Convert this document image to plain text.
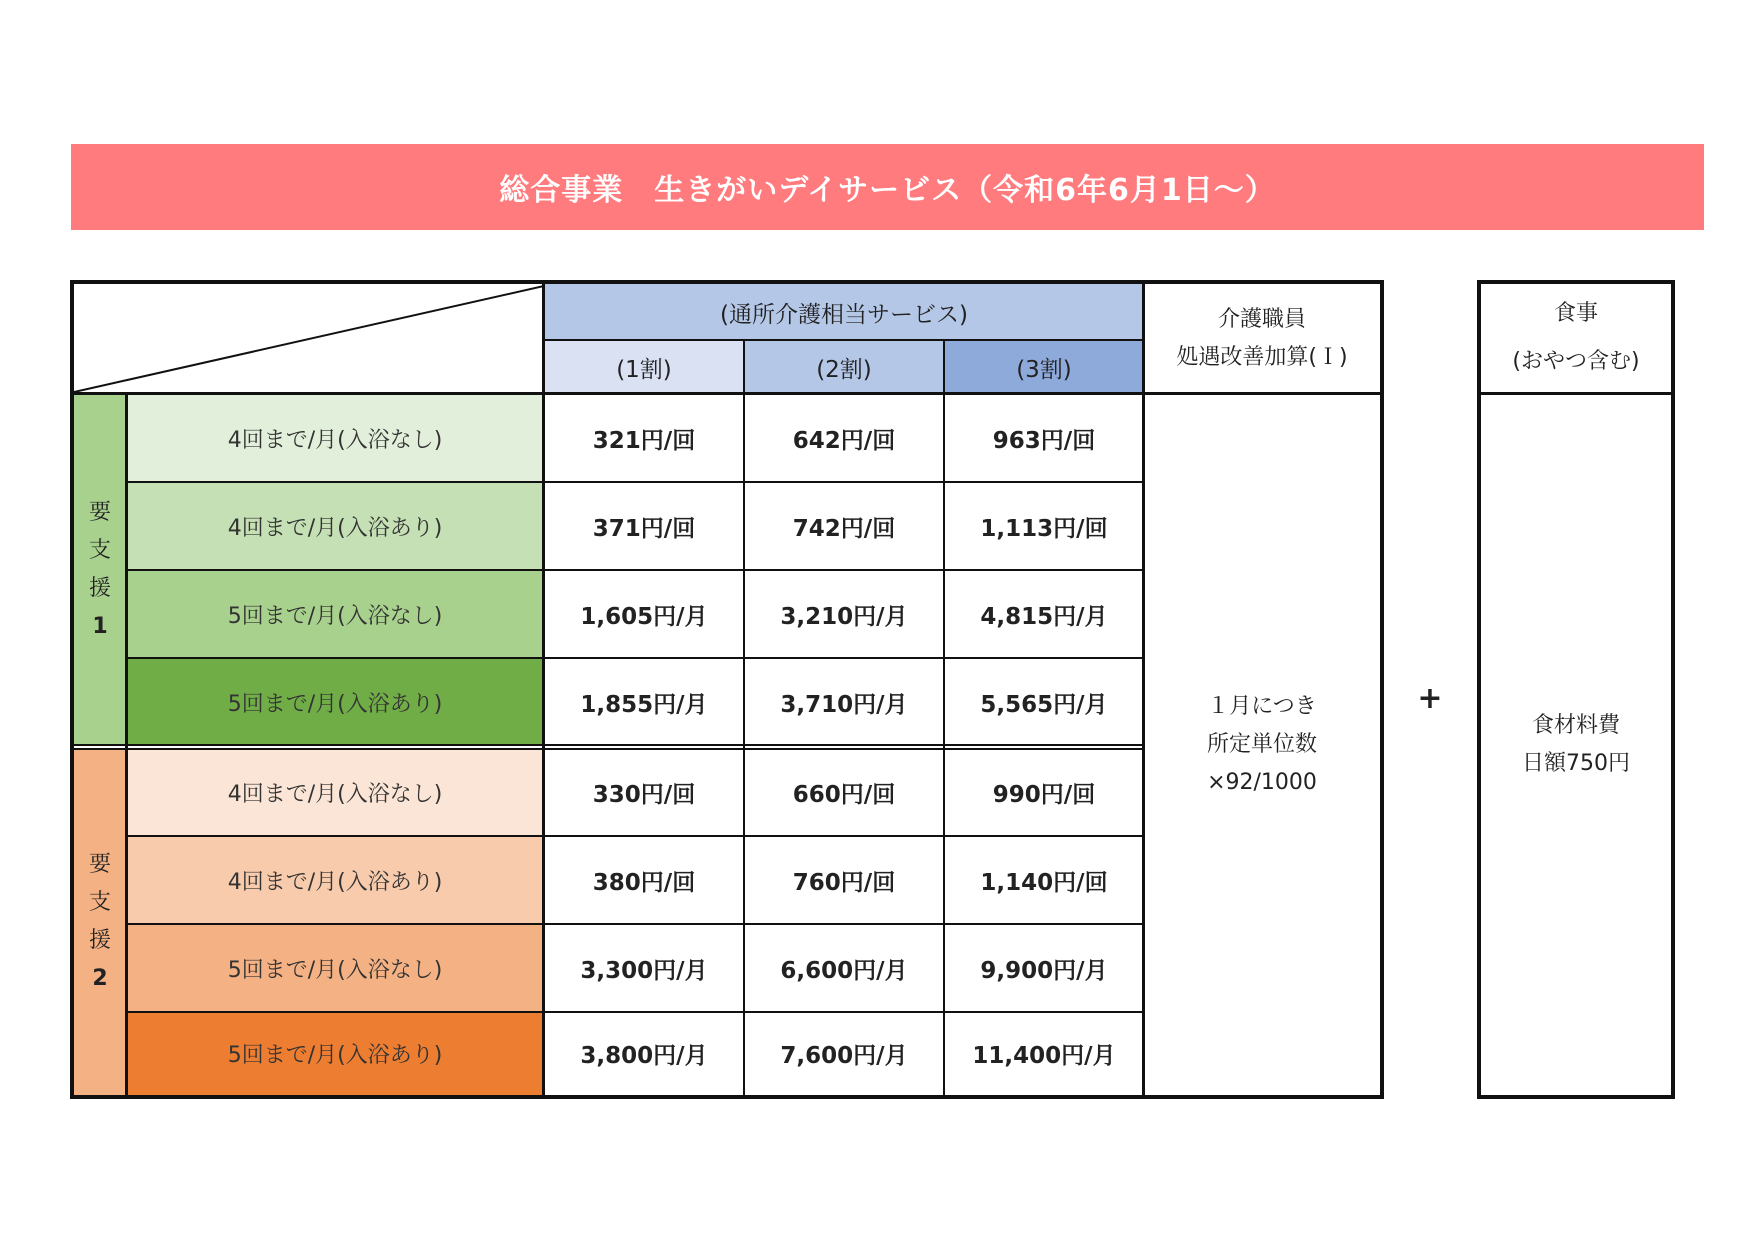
総合事業　生きがいデイサービス（令和6年6月1日～）
(通所介護相当サービス)
(1割)	(2割)	(3割)
介護職員
処遇改善加算(Ｉ)
要
支
援
1
4回まで/月(入浴なし)	321円/回	642円/回	963円/回
4回まで/月(入浴あり)	371円/回	742円/回	1,113円/回
5回まで/月(入浴なし)	1,605円/月	3,210円/月	4,815円/月
5回まで/月(入浴あり)	1,855円/月	3,710円/月	5,565円/月
要
支
援
2
4回まで/月(入浴なし)	330円/回	660円/回	990円/回
4回まで/月(入浴あり)	380円/回	760円/回	1,140円/回
5回まで/月(入浴なし)	3,300円/月	6,600円/月	9,900円/月
5回まで/月(入浴あり)	3,800円/月	7,600円/月	11,400円/月
１月につき
所定単位数
×92/1000
+
食事
(おやつ含む)
食材料費
日額750円
